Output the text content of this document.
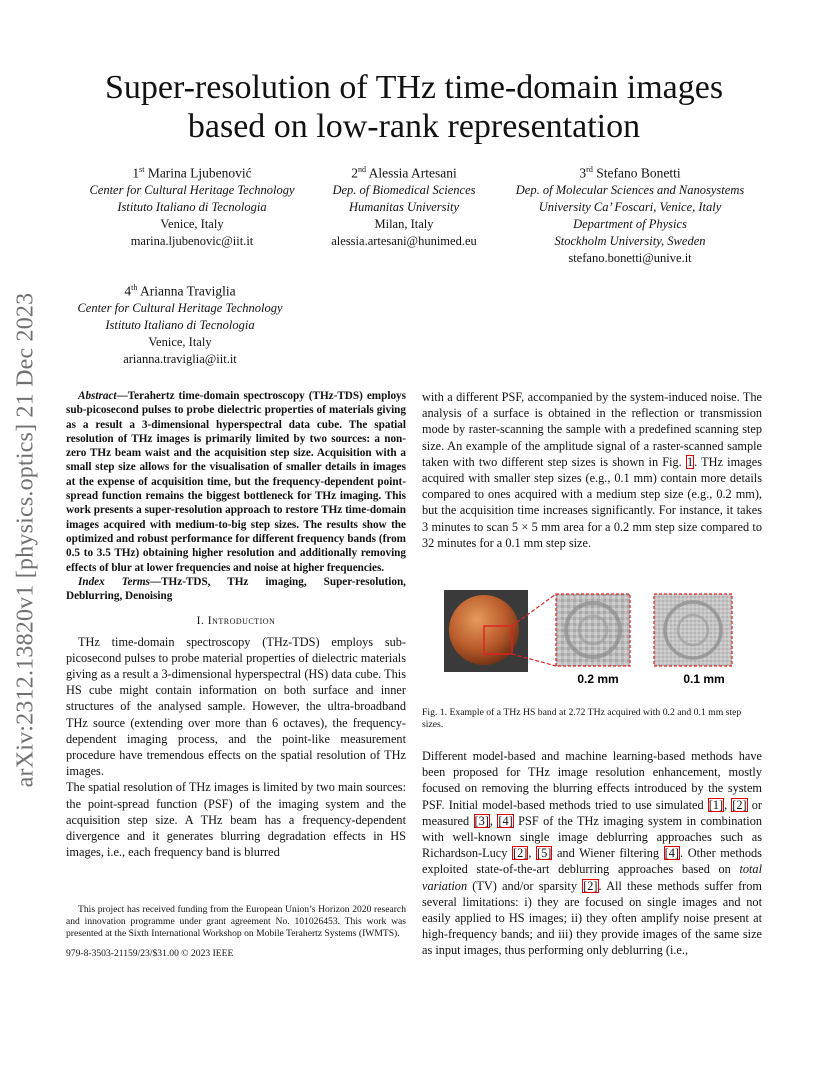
Super-resolution of THz time-domain images
based on low-rank representation
1st Marina Ljubenović
Center for Cultural Heritage Technology
Istituto Italiano di Tecnologia
Venice, Italy
marina.ljubenovic@iit.it
2nd Alessia Artesani
Dep. of Biomedical Sciences
Humanitas University
Milan, Italy
alessia.artesani@hunimed.eu
3rd Stefano Bonetti
Dep. of Molecular Sciences and Nanosystems
University Ca’ Foscari, Venice, Italy
Department of Physics
Stockholm University, Sweden
stefano.bonetti@unive.it
4th Arianna Traviglia
Center for Cultural Heritage Technology
Istituto Italiano di Tecnologia
Venice, Italy
arianna.traviglia@iit.it
arXiv:2312.13820v1 [physics.optics] 21 Dec 2023	Abstract—Terahertz time-domain spectroscopy (THz-TDS) employs sub-picosecond pulses to probe dielectric properties of materials giving as a result a 3-dimensional hyperspectral data cube. The spatial resolution of THz images is primarily limited by two sources: a non-zero THz beam waist and the acquisition step size. Acquisition with a small step size allows for the visualisation of smaller details in images at the expense of acquisition time, but the frequency-dependent point-spread function remains the biggest bottleneck for THz imaging. This work presents a super-resolution approach to restore THz time-domain images acquired with medium-to-big step sizes. The results show the optimized and robust performance for different frequency bands (from 0.5 to 3.5 THz) obtaining higher resolution and additionally removing effects of blur at lower frequencies and noise at higher frequencies.

Index Terms—THz-TDS, THz imaging, Super-resolution, Deblurring, Denoising

I. Introduction

THz time-domain spectroscopy (THz-TDS) employs sub-picosecond pulses to probe material properties of dielectric materials giving as a result a 3-dimensional hyperspectral (HS) data cube. This HS cube might contain information on both surface and inner structures of the analysed sample. However, the ultra-broadband THz source (extending over more than 6 octaves), the frequency-dependent imaging process, and the point-like measurement procedure have tremendous effects on the spatial resolution of THz images.

The spatial resolution of THz images is limited by two main sources: the point-spread function (PSF) of the imaging system and the acquisition step size. A THz beam has a frequency-dependent divergence and it generates blurring degradation effects in HS images, i.e., each frequency band is blurred

This project has received funding from the European Union’s Horizon 2020 research and innovation programme under grant agreement No. 101026453. This work was presented at the Sixth International Workshop on Mobile Terahertz Systems (IWMTS).
979-8-3503-21159/23/$31.00 © 2023 IEEE

with a different PSF, accompanied by the system-induced noise. The analysis of a surface is obtained in the reflection or transmission mode by raster-scanning the sample with a predefined scanning step size. An example of the amplitude signal of a raster-scanned sample taken with two different step sizes is shown in Fig. 1. THz images acquired with smaller step sizes (e.g., 0.1 mm) contain more details compared to ones acquired with a medium step size (e.g., 0.2 mm), but the acquisition time increases significantly. For instance, it takes 3 minutes to scan 5 × 5 mm area for a 0.2 mm step size compared to 32 minutes for a 0.1 mm step size.

0.2 mm	0.1 mm
Fig. 1. Example of a THz HS band at 2.72 THz acquired with 0.2 and 0.1 mm step sizes.

Different model-based and machine learning-based methods have been proposed for THz image resolution enhancement, mostly focused on removing the blurring effects introduced by the system PSF. Initial model-based methods tried to use simulated [1], [2] or measured [3], [4] PSF of the THz imaging system in combination with well-known single image deblurring approaches such as Richardson-Lucy [2], [5] and Wiener filtering [4]. Other methods exploited state-of-the-art deblurring approaches based on total variation (TV) and/or sparsity [2]. All these methods suffer from several limitations: i) they are focused on single images and not easily applied to HS images; ii) they often amplify noise present at high-frequency bands; and iii) they provide images of the same size as input images, thus performing only deblurring (i.e.,
